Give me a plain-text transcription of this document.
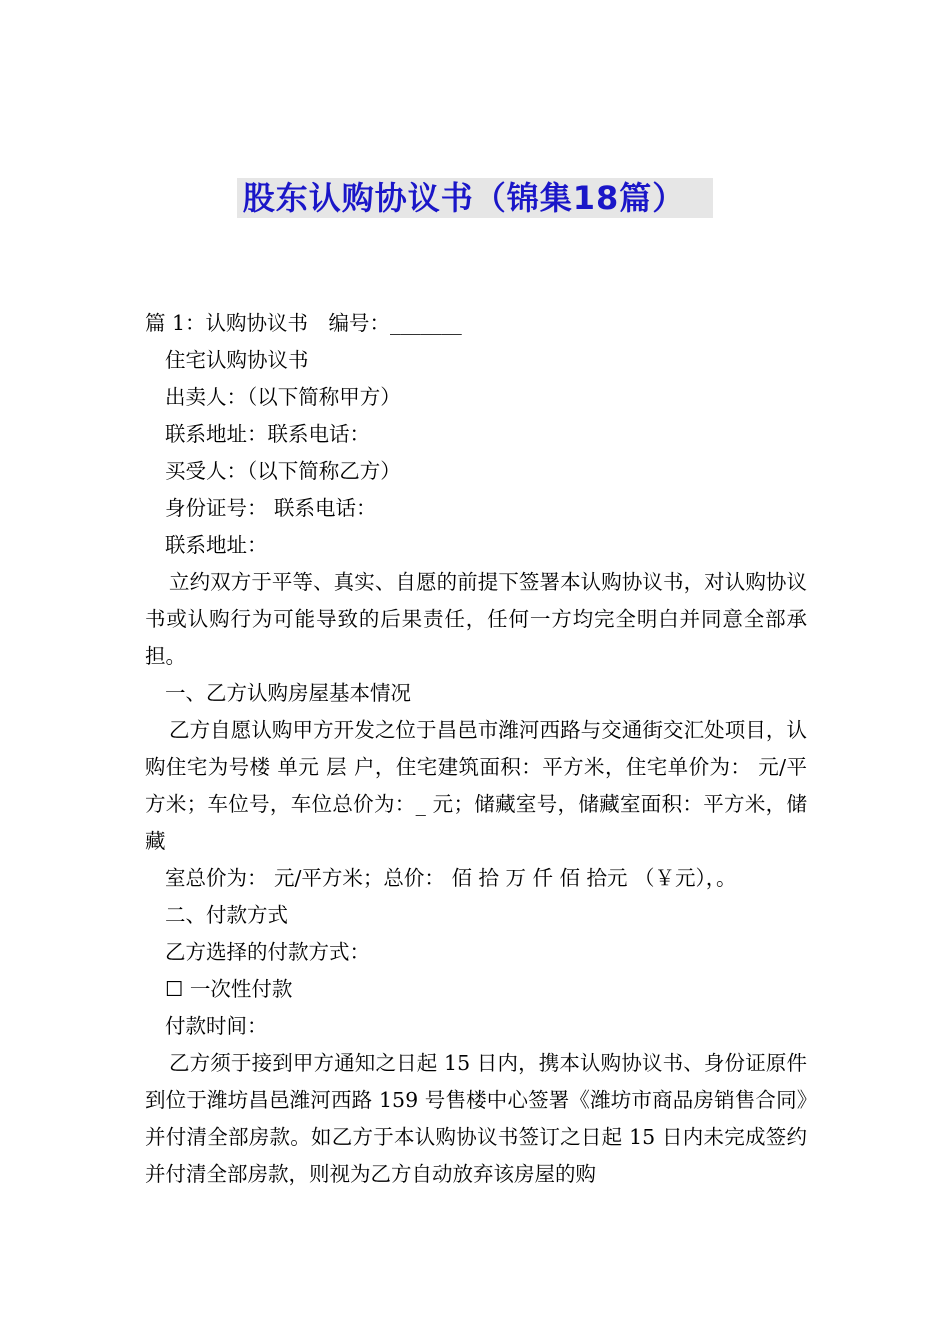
股东认购协议书（锦集18篇）

篇 1：认购协议书　编号：_______

住宅认购协议书

出卖人：（以下简称甲方）

联系地址：联系电话：

买受人：（以下简称乙方）

身份证号： 联系电话：

联系地址：

立约双方于平等、真实、自愿的前提下签署本认购协议书，对认购协议书或认购行为可能导致的后果责任，任何一方均完全明白并同意全部承担。

一、乙方认购房屋基本情况

乙方自愿认购甲方开发之位于昌邑市潍河西路与交通街交汇处项目，认购住宅为号楼 单元 层 户，住宅建筑面积：平方米，住宅单价为： 元/平方米；车位号，车位总价为：_ 元；储藏室号，储藏室面积：平方米，储藏

室总价为： 元/平方米；总价： 佰 拾 万 仟 佰 拾元 （￥元），。

二、付款方式

乙方选择的付款方式：

☐ 一次性付款

付款时间：

乙方须于接到甲方通知之日起 15 日内，携本认购协议书、身份证原件到位于潍坊昌邑潍河西路 159 号售楼中心签署《潍坊市商品房销售合同》并付清全部房款。如乙方于本认购协议书签订之日起 15 日内未完成签约并付清全部房款，则视为乙方自动放弃该房屋的购
